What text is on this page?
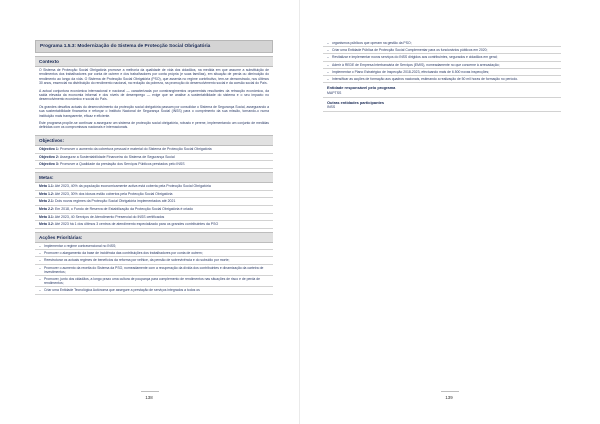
Programa 1.5.3: Modernização do Sistema de Protecção Social Obrigatória
Contexto
O Sistema de Protecção Social Obrigatória promove a melhoria da qualidade de vida dos cidadãos, na medida em que assume a substituição de rendimentos dos trabalhadores por conta de outrem e dos trabalhadores por conta própria (e suas famílias), em situação de perda ou diminuição do rendimento ao longo da vida. O Sistema de Protecção Social Obrigatória (PSO), que assenta no regime contributivo, tem-se demonstrado, nos últimos 30 anos, essencial na distribuição do rendimento nacional, na redução da pobreza, na promoção do desenvolvimento social e da coesão social do País.
A actual conjuntura económica internacional e nacional — caracterizada por constrangimentos orçamentais resultantes da retracção económica, da saída elevada da economia informal e dos níveis de desemprego — exige que se analise a sustentabilidade do sistema e o seu impacto no desenvolvimento económico e social do País.
Os grandes desafios actuais do desenvolvimento da protecção social obrigatória passam por consolidar o Sistema de Segurança Social, assegurando a sua sustentabilidade financeira e reforçar o Instituto Nacional de Segurança Social (INSS) para o cumprimento da sua missão, tornando-o numa instituição mais transparente, eficaz e eficiente.
Este programa propõe-se continuar a assegurar um sistema de protecção social obrigatória, robusto e perene, implementando um conjunto de medidas definidas com os compromissos nacionais e internacionais.
Objectivos:
Objectivo 1: Promover o aumento da cobertura pessoal e material do Sistema de Protecção Social Obrigatória
Objectivo 2: Assegurar a Sustentabilidade Financeira do Sistema de Segurança Social
Objectivo 3: Promover a Qualidade da prestação dos Serviços Públicos prestados pelo INSS
Metas:
Meta 1.1: Até 2023, 40% da população economicamente activa está coberta pela Protecção Social Obrigatória
Meta 1.2: Até 2023, 30% dos idosos estão cobertos pela Protecção Social Obrigatória
Meta 2.1: Dois novos regimes da Protecção Social Obrigatória implementados até 2021
Meta 2.2: Em 2018, o Fundo de Reserva de Estabilização da Protecção Social Obrigatória é criado
Meta 3.1: Até 2023, 40 Serviços de Atendimento Presencial do INSS certificados
Meta 3.2: Até 2023 há 1 dos últimos 3 centros de atendimento especializado para os grandes contribuintes da PSO
Acções Prioritárias:
– Implementar o regime contravencional no INSS;
– Promover o alargamento da base de incidência das contribuições dos trabalhadores por conta de outrem;
– Reestruturar os actuais regimes de benefícios da reforma por velhice, da pensão de sobrevivência e do subsídio por morte;
– Promover o aumento da receita do Sistema da PSO, nomeadamente com a recuperação da dívida dos contribuintes e dinamização da carteira de investimentos;
– Promover, junto dos cidadãos, a longo prazo uma cultura de poupança para complemento de rendimentos nas situações de risco e de perda de rendimentos;
– Criar uma Entidade Tecnológica Autónoma que assegure a prestação de serviços integrados a todos os
138
– organismos públicos que operam na gestão da PSO;
– Criar uma Entidade Pública de Protecção Social Complementar para os funcionários públicos em 2020;
– Revitalizar e implementar novos serviços do INSS dirigidos aos contribuintes, segurados e cidadãos em geral;
– Aderir à REDE de Empresa Interbancária de Serviços (EMIS), nomeadamente no que concerne à arrecadação;
– Implementar o Plano Estratégico de Inspecção 2018-2023, efectuando mais de 6.500 novas inspecções;
– Intensificar as acções de formação aos quadros nacionais, estimando a realização de 50 mil horas de formação no período.
Entidade responsável pelo programa
MAPTSS
Outras entidades participantes
INSS
139
